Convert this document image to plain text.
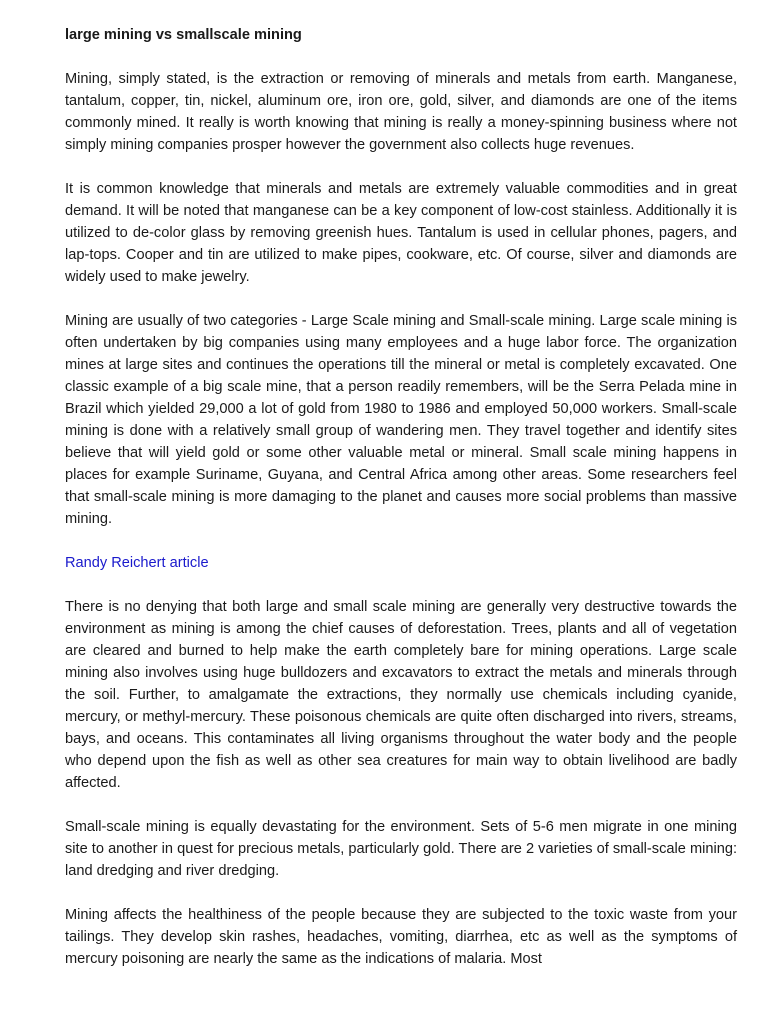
large mining vs smallscale mining

Mining, simply stated, is the extraction or removing of minerals and metals from earth. Manganese, tantalum, copper, tin, nickel, aluminum ore, iron ore, gold, silver, and diamonds are one of the items commonly mined. It really is worth knowing that mining is really a money-spinning business where not simply mining companies prosper however the government also collects huge revenues.

It is common knowledge that minerals and metals are extremely valuable commodities and in great demand. It will be noted that manganese can be a key component of low-cost stainless. Additionally it is utilized to de-color glass by removing greenish hues. Tantalum is used in cellular phones, pagers, and lap-tops. Cooper and tin are utilized to make pipes, cookware, etc. Of course, silver and diamonds are widely used to make jewelry.

Mining are usually of two categories - Large Scale mining and Small-scale mining. Large scale mining is often undertaken by big companies using many employees and a huge labor force. The organization mines at large sites and continues the operations till the mineral or metal is completely excavated. One classic example of a big scale mine, that a person readily remembers, will be the Serra Pelada mine in Brazil which yielded 29,000 a lot of gold from 1980 to 1986 and employed 50,000 workers. Small-scale mining is done with a relatively small group of wandering men. They travel together and identify sites believe that will yield gold or some other valuable metal or mineral. Small scale mining happens in places for example Suriname, Guyana, and Central Africa among other areas. Some researchers feel that small-scale mining is more damaging to the planet and causes more social problems than massive mining.

Randy Reichert article

There is no denying that both large and small scale mining are generally very destructive towards the environment as mining is among the chief causes of deforestation. Trees, plants and all of vegetation are cleared and burned to help make the earth completely bare for mining operations. Large scale mining also involves using huge bulldozers and excavators to extract the metals and minerals through the soil. Further, to amalgamate the extractions, they normally use chemicals including cyanide, mercury, or methyl-mercury. These poisonous chemicals are quite often discharged into rivers, streams, bays, and oceans. This contaminates all living organisms throughout the water body and the people who depend upon the fish as well as other sea creatures for main way to obtain livelihood are badly affected.

Small-scale mining is equally devastating for the environment. Sets of 5-6 men migrate in one mining site to another in quest for precious metals, particularly gold. There are 2 varieties of small-scale mining: land dredging and river dredging.

Mining affects the healthiness of the people because they are subjected to the toxic waste from your tailings. They develop skin rashes, headaches, vomiting, diarrhea, etc as well as the symptoms of mercury poisoning are nearly the same as the indications of malaria. Most
